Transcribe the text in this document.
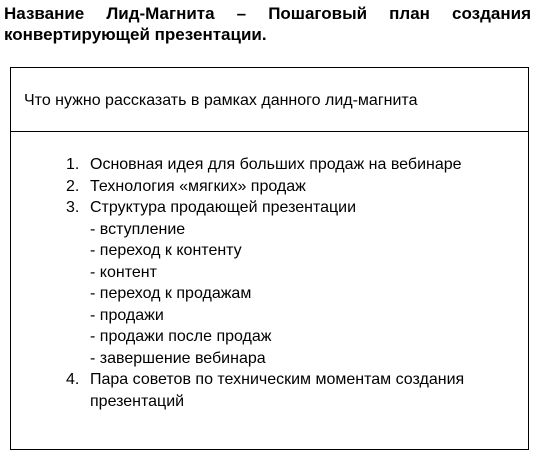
Название Лид-Магнита – Пошаговый план создания конвертирующей презентации.
Что нужно рассказать в рамках данного лид-магнита
1. Основная идея для больших продаж на вебинаре
2. Технология «мягких» продаж
3. Структура продающей презентации
- вступление
- переход к контенту
- контент
- переход к продажам
- продажи
- продажи после продаж
- завершение вебинара
4. Пара советов по техническим моментам создания презентаций
